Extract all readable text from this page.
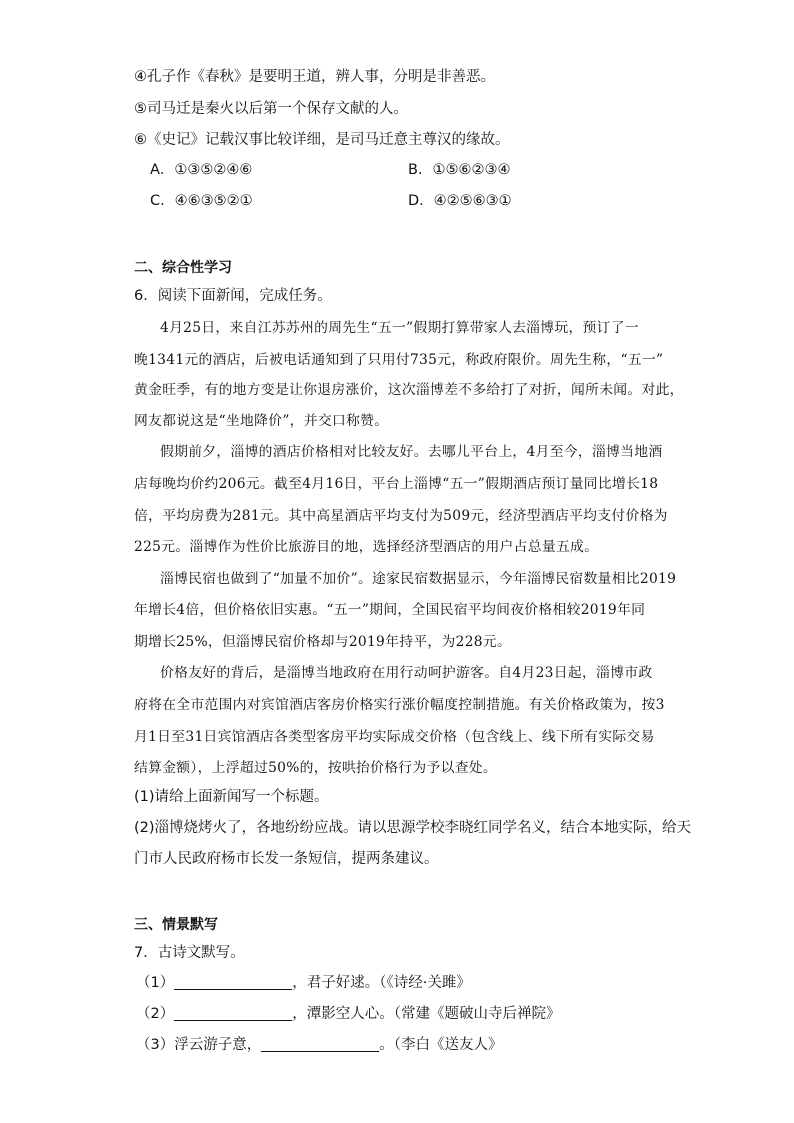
④孔子作《春秋》是要明王道，辨人事，分明是非善恶。
⑤司马迁是秦火以后第一个保存文献的人。
⑥《史记》记载汉事比较详细，是司马迁意主尊汉的缘故。
A．①③⑤②④⑥	B．①⑤⑥②③④
C．④⑥③⑤②①	D．④②⑤⑥③①
二、综合性学习
6．阅读下面新闻，完成任务。
4月25日，来自江苏苏州的周先生“五一”假期打算带家人去淄博玩，预订了一
晚1341元的酒店，后被电话通知到了只用付735元，称政府限价。周先生称，“五一”
黄金旺季，有的地方变是让你退房涨价，这次淄博差不多给打了对折，闻所未闻。对此，
网友都说这是“坐地降价”，并交口称赞。
假期前夕，淄博的酒店价格相对比较友好。去哪儿平台上，4月至今，淄博当地酒
店每晚均价约206元。截至4月16日，平台上淄博“五一”假期酒店预订量同比增长18
倍，平均房费为281元。其中高星酒店平均支付为509元，经济型酒店平均支付价格为
225元。淄博作为性价比旅游目的地，选择经济型酒店的用户占总量五成。
淄博民宿也做到了“加量不加价”。途家民宿数据显示，今年淄博民宿数量相比2019
年增长4倍，但价格依旧实惠。“五一”期间，全国民宿平均间夜价格相较2019年同
期增长25%，但淄博民宿价格却与2019年持平，为228元。
价格友好的背后，是淄博当地政府在用行动呵护游客。自4月23日起，淄博市政
府将在全市范围内对宾馆酒店客房价格实行涨价幅度控制措施。有关价格政策为，按3
月1日至31日宾馆酒店各类型客房平均实际成交价格（包含线上、线下所有实际交易
结算金额），上浮超过50%的，按哄抬价格行为予以查处。
(1)请给上面新闻写一个标题。
(2)淄博烧烤火了，各地纷纷应战。请以思源学校李晓红同学名义，结合本地实际，给天
门市人民政府杨市长发一条短信，提两条建议。
三、情景默写
7．古诗文默写。
（1）	，君子好逑。（《诗经·关雎》
（2）	，潭影空人心。（常建《题破山寺后禅院》
（3）浮云游子意，	。（李白《送友人》
